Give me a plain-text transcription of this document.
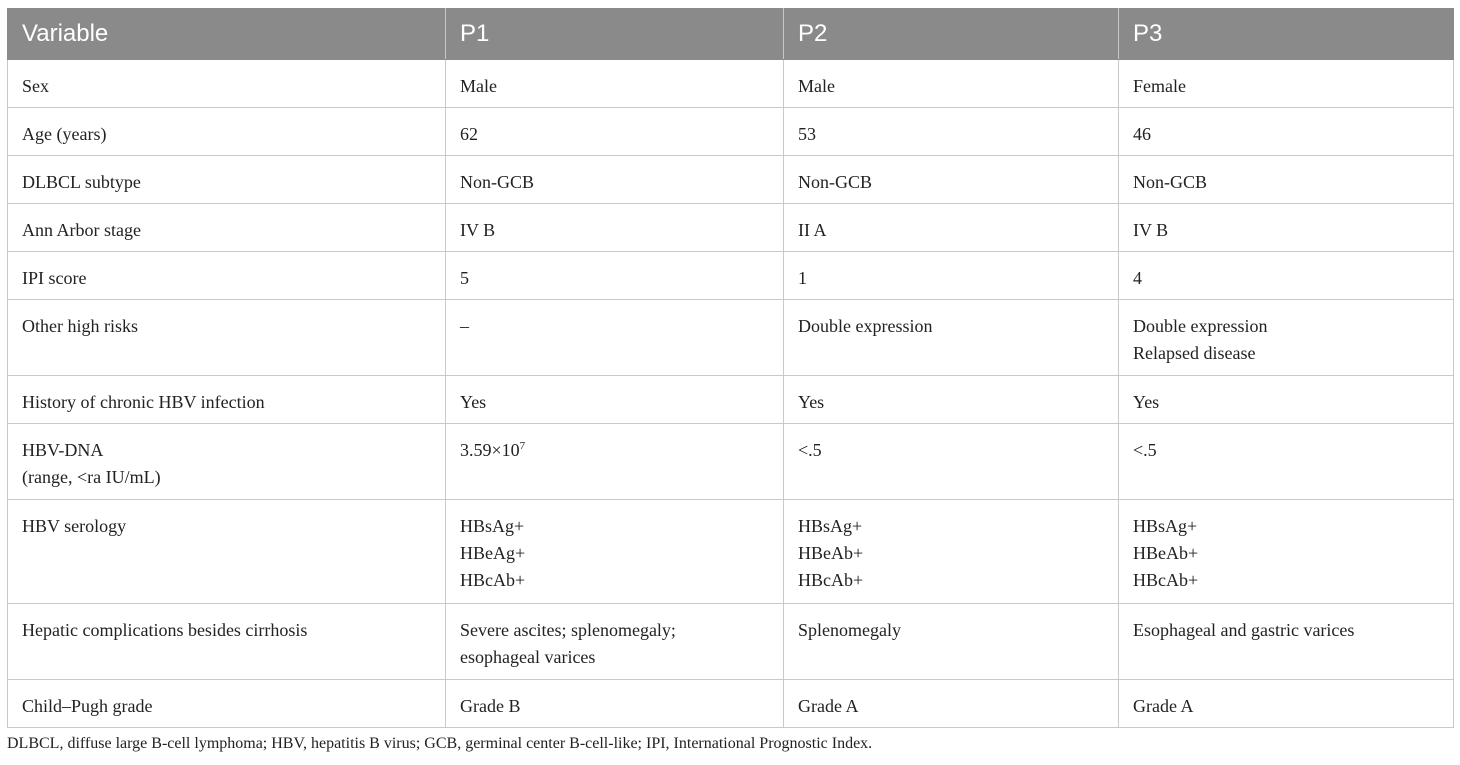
Variable	P1	P2	P3

Sex	Male	Male	Female

Age (years)	62	53	46

DLBCL subtype	Non-GCB	Non-GCB	Non-GCB

Ann Arbor stage	IV B	II A	IV B

IPI score	5	1	4

Other high risks	–	Double expression	Double expression
Relapsed disease

History of chronic HBV infection	Yes	Yes	Yes

HBV-DNA
(range, <ra IU/mL)	$3.59\times 10^7$	<.5	<.5

HBV serology	HBsAg+
HBeAg+
HBcAb+	HBsAg+
HBeAb+
HBcAb+	HBsAg+
HBeAb+
HBcAb+

Hepatic complications besides cirrhosis	Severe ascites; splenomegaly;
esophageal varices	Splenomegaly	Esophageal and gastric varices

Child–Pugh grade	Grade B	Grade A	Grade A
DLBCL, diffuse large B-cell lymphoma; HBV, hepatitis B virus; GCB, germinal center B-cell-like; IPI, International Prognostic Index.
